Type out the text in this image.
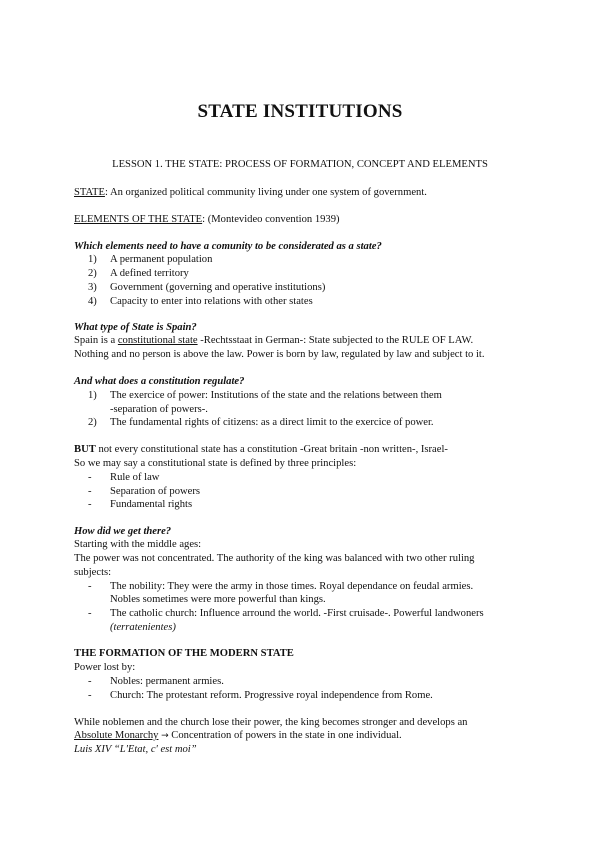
STATE INSTITUTIONS
LESSON 1. THE STATE: PROCESS OF FORMATION, CONCEPT AND ELEMENTS
STATE: An organized political community living under one system of government.
ELEMENTS OF THE STATE: (Montevideo convention 1939)
Which elements need to have a comunity to be considerated as a state?
1) A permanent population
2) A defined territory
3) Government (governing and operative institutions)
4) Capacity to enter into relations with other states
What type of State is Spain?
Spain is a constitutional state -Rechtsstaat in German-: State subjected to the RULE OF LAW.
Nothing and no person is above the law. Power is born by law, regulated by law and subject to it.
And what does a constitution regulate?
1) The exercice of power: Institutions of the state and the relations between them
-separation of powers-.
2) The fundamental rights of citizens: as a direct limit to the exercice of power.
BUT not every constitutional state has a constitution -Great britain -non written-, Israel-
So we may say a constitutional state is defined by three principles:
- Rule of law
- Separation of powers
- Fundamental rights
How did we get there?
Starting with the middle ages:
The power was not concentrated. The authority of the king was balanced with two other ruling
subjects:
- The nobility: They were the army in those times. Royal dependance on feudal armies.
Nobles sometimes were more powerful than kings.
- The catholic church: Influence arround the world. -First cruisade-. Powerful landwoners
(terratenientes)
THE FORMATION OF THE MODERN STATE
Power lost by:
- Nobles: permanent armies.
- Church: The protestant reform. Progressive royal independence from Rome.
While noblemen and the church lose their power, the king becomes stronger and develops an
Absolute Monarchy → Concentration of powers in the state in one individual.
Luis XIV “L'Etat, c' est moi”
